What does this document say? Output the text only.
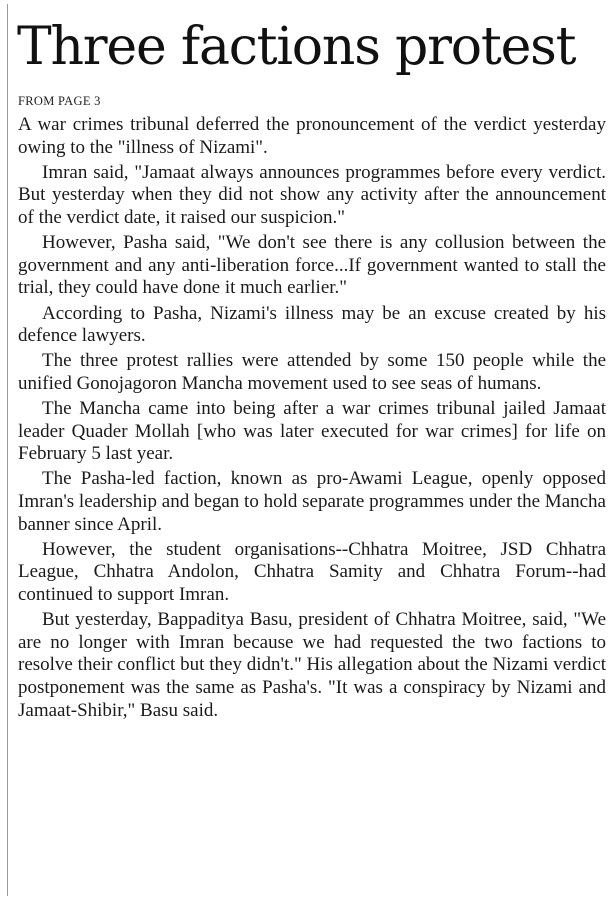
Three factions protest
FROM PAGE 3

A war crimes tribunal deferred the pronouncement of the verdict yesterday owing to the "illness of Nizami".

Imran said, "Jamaat always announces programmes before every verdict. But yesterday when they did not show any activity after the announcement of the verdict date, it raised our suspicion."

However, Pasha said, "We don't see there is any collusion between the government and any anti-liberation force...If government wanted to stall the trial, they could have done it much earlier."

According to Pasha, Nizami's illness may be an excuse created by his defence lawyers.

The three protest rallies were attended by some 150 people while the unified Gonojagoron Mancha movement used to see seas of humans.

The Mancha came into being after a war crimes tribunal jailed Jamaat leader Quader Mollah [who was later executed for war crimes] for life on February 5 last year.

The Pasha-led faction, known as pro-Awami League, openly opposed Imran's leadership and began to hold separate programmes under the Mancha banner since April.

However, the student organisations--Chhatra Moitree, JSD Chhatra League, Chhatra Andolon, Chhatra Samity and Chhatra Forum--had continued to support Imran.

But yesterday, Bappaditya Basu, president of Chhatra Moitree, said, "We are no longer with Imran because we had requested the two factions to resolve their conflict but they didn't." His allegation about the Nizami verdict postponement was the same as Pasha's. "It was a conspiracy by Nizami and Jamaat-Shibir," Basu said.
